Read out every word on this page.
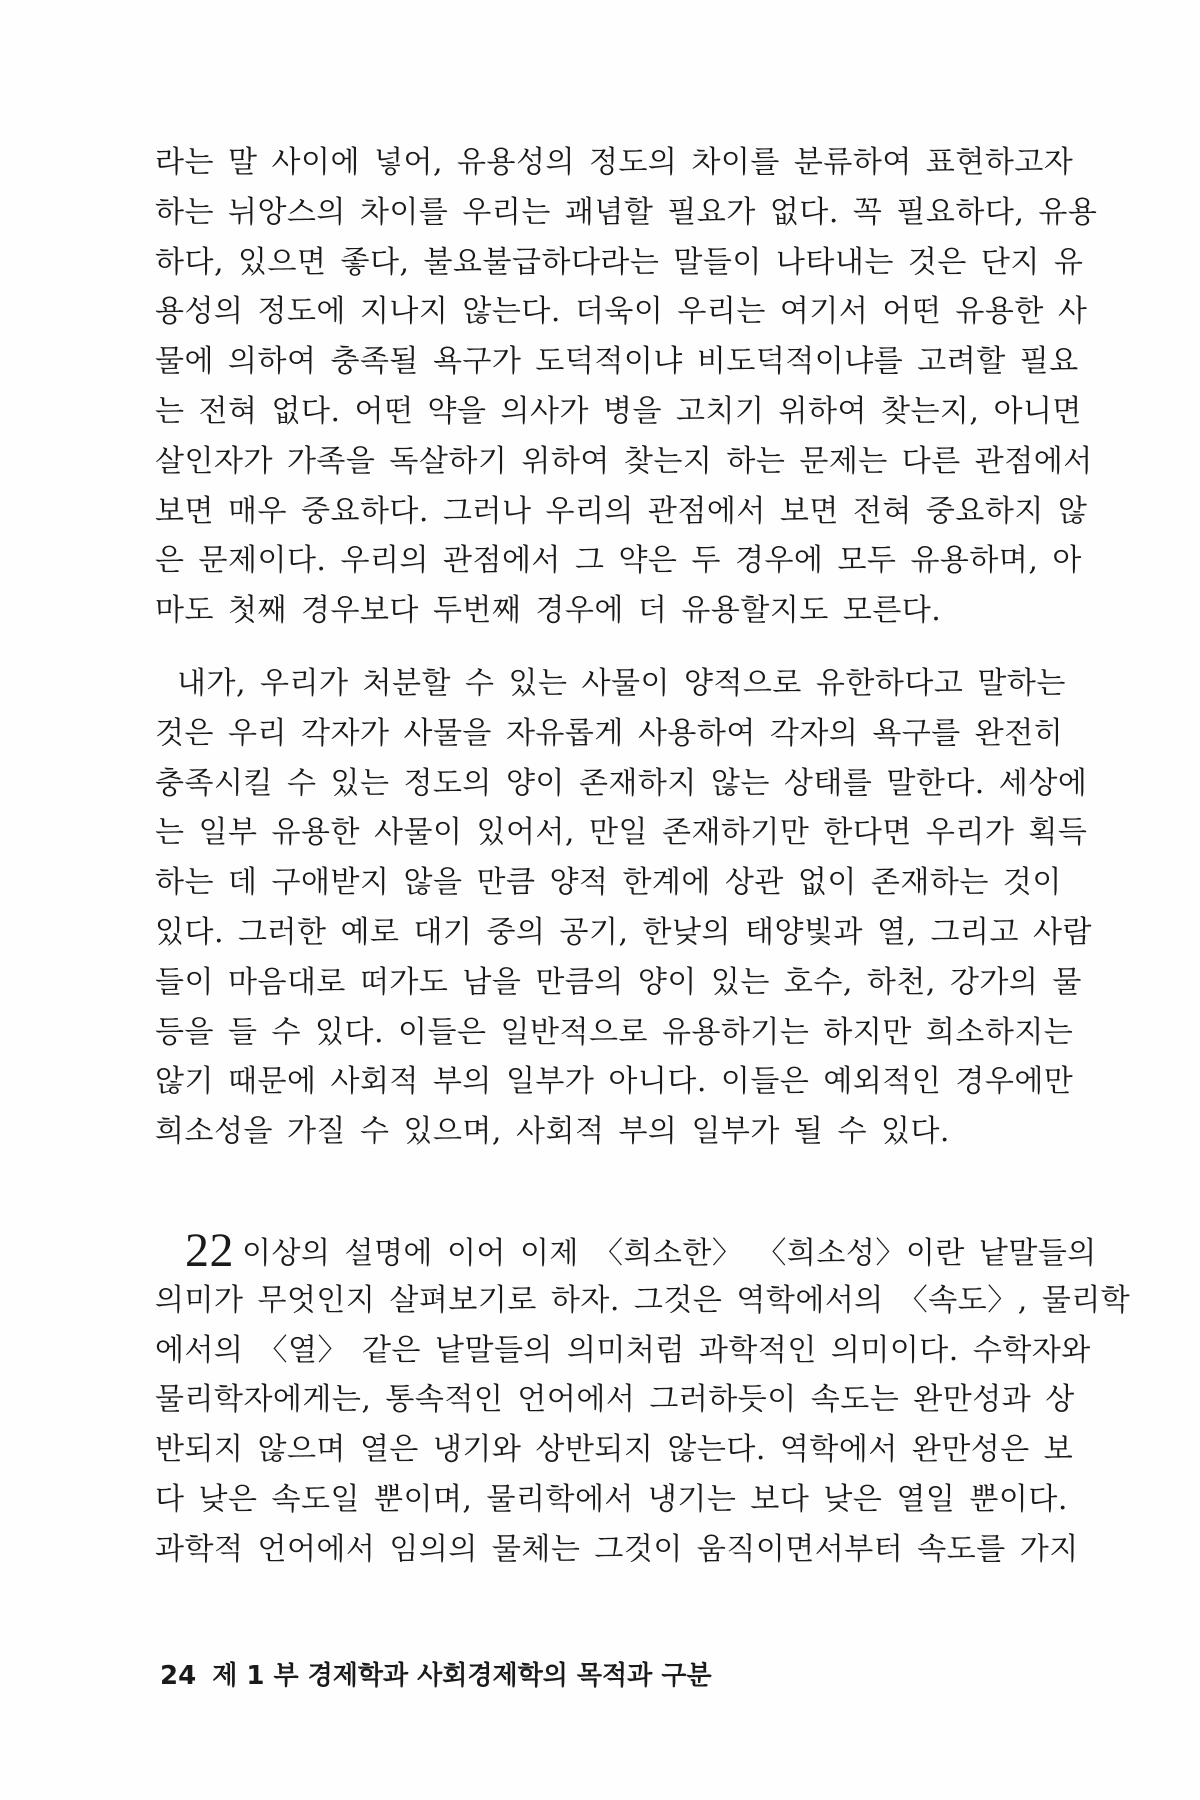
라는 말 사이에 넣어, 유용성의 정도의 차이를 분류하여 표현하고자
하는 뉘앙스의 차이를 우리는 괘념할 필요가 없다. 꼭 필요하다, 유용
하다, 있으면 좋다, 불요불급하다라는 말들이 나타내는 것은 단지 유
용성의 정도에 지나지 않는다. 더욱이 우리는 여기서 어떤 유용한 사
물에 의하여 충족될 욕구가 도덕적이냐 비도덕적이냐를 고려할 필요
는 전혀 없다. 어떤 약을 의사가 병을 고치기 위하여 찾는지, 아니면
살인자가 가족을 독살하기 위하여 찾는지 하는 문제는 다른 관점에서
보면 매우 중요하다. 그러나 우리의 관점에서 보면 전혀 중요하지 않
은 문제이다. 우리의 관점에서 그 약은 두 경우에 모두 유용하며, 아
마도 첫째 경우보다 두번째 경우에 더 유용할지도 모른다.
내가, 우리가 처분할 수 있는 사물이 양적으로 유한하다고 말하는
것은 우리 각자가 사물을 자유롭게 사용하여 각자의 욕구를 완전히
충족시킬 수 있는 정도의 양이 존재하지 않는 상태를 말한다. 세상에
는 일부 유용한 사물이 있어서, 만일 존재하기만 한다면 우리가 획득
하는 데 구애받지 않을 만큼 양적 한계에 상관 없이 존재하는 것이
있다. 그러한 예로 대기 중의 공기, 한낮의 태양빛과 열, 그리고 사람
들이 마음대로 떠가도 남을 만큼의 양이 있는 호수, 하천, 강가의 물
등을 들 수 있다. 이들은 일반적으로 유용하기는 하지만 희소하지는
않기 때문에 사회적 부의 일부가 아니다. 이들은 예외적인 경우에만
희소성을 가질 수 있으며, 사회적 부의 일부가 될 수 있다.
22 이상의 설명에 이어 이제 〈희소한〉 〈희소성〉이란 낱말들의
의미가 무엇인지 살펴보기로 하자. 그것은 역학에서의 〈속도〉, 물리학
에서의 〈열〉 같은 낱말들의 의미처럼 과학적인 의미이다. 수학자와
물리학자에게는, 통속적인 언어에서 그러하듯이 속도는 완만성과 상
반되지 않으며 열은 냉기와 상반되지 않는다. 역학에서 완만성은 보
다 낮은 속도일 뿐이며, 물리학에서 냉기는 보다 낮은 열일 뿐이다.
과학적 언어에서 임의의 물체는 그것이 움직이면서부터 속도를 가지
24 제 1 부 경제학과 사회경제학의 목적과 구분
